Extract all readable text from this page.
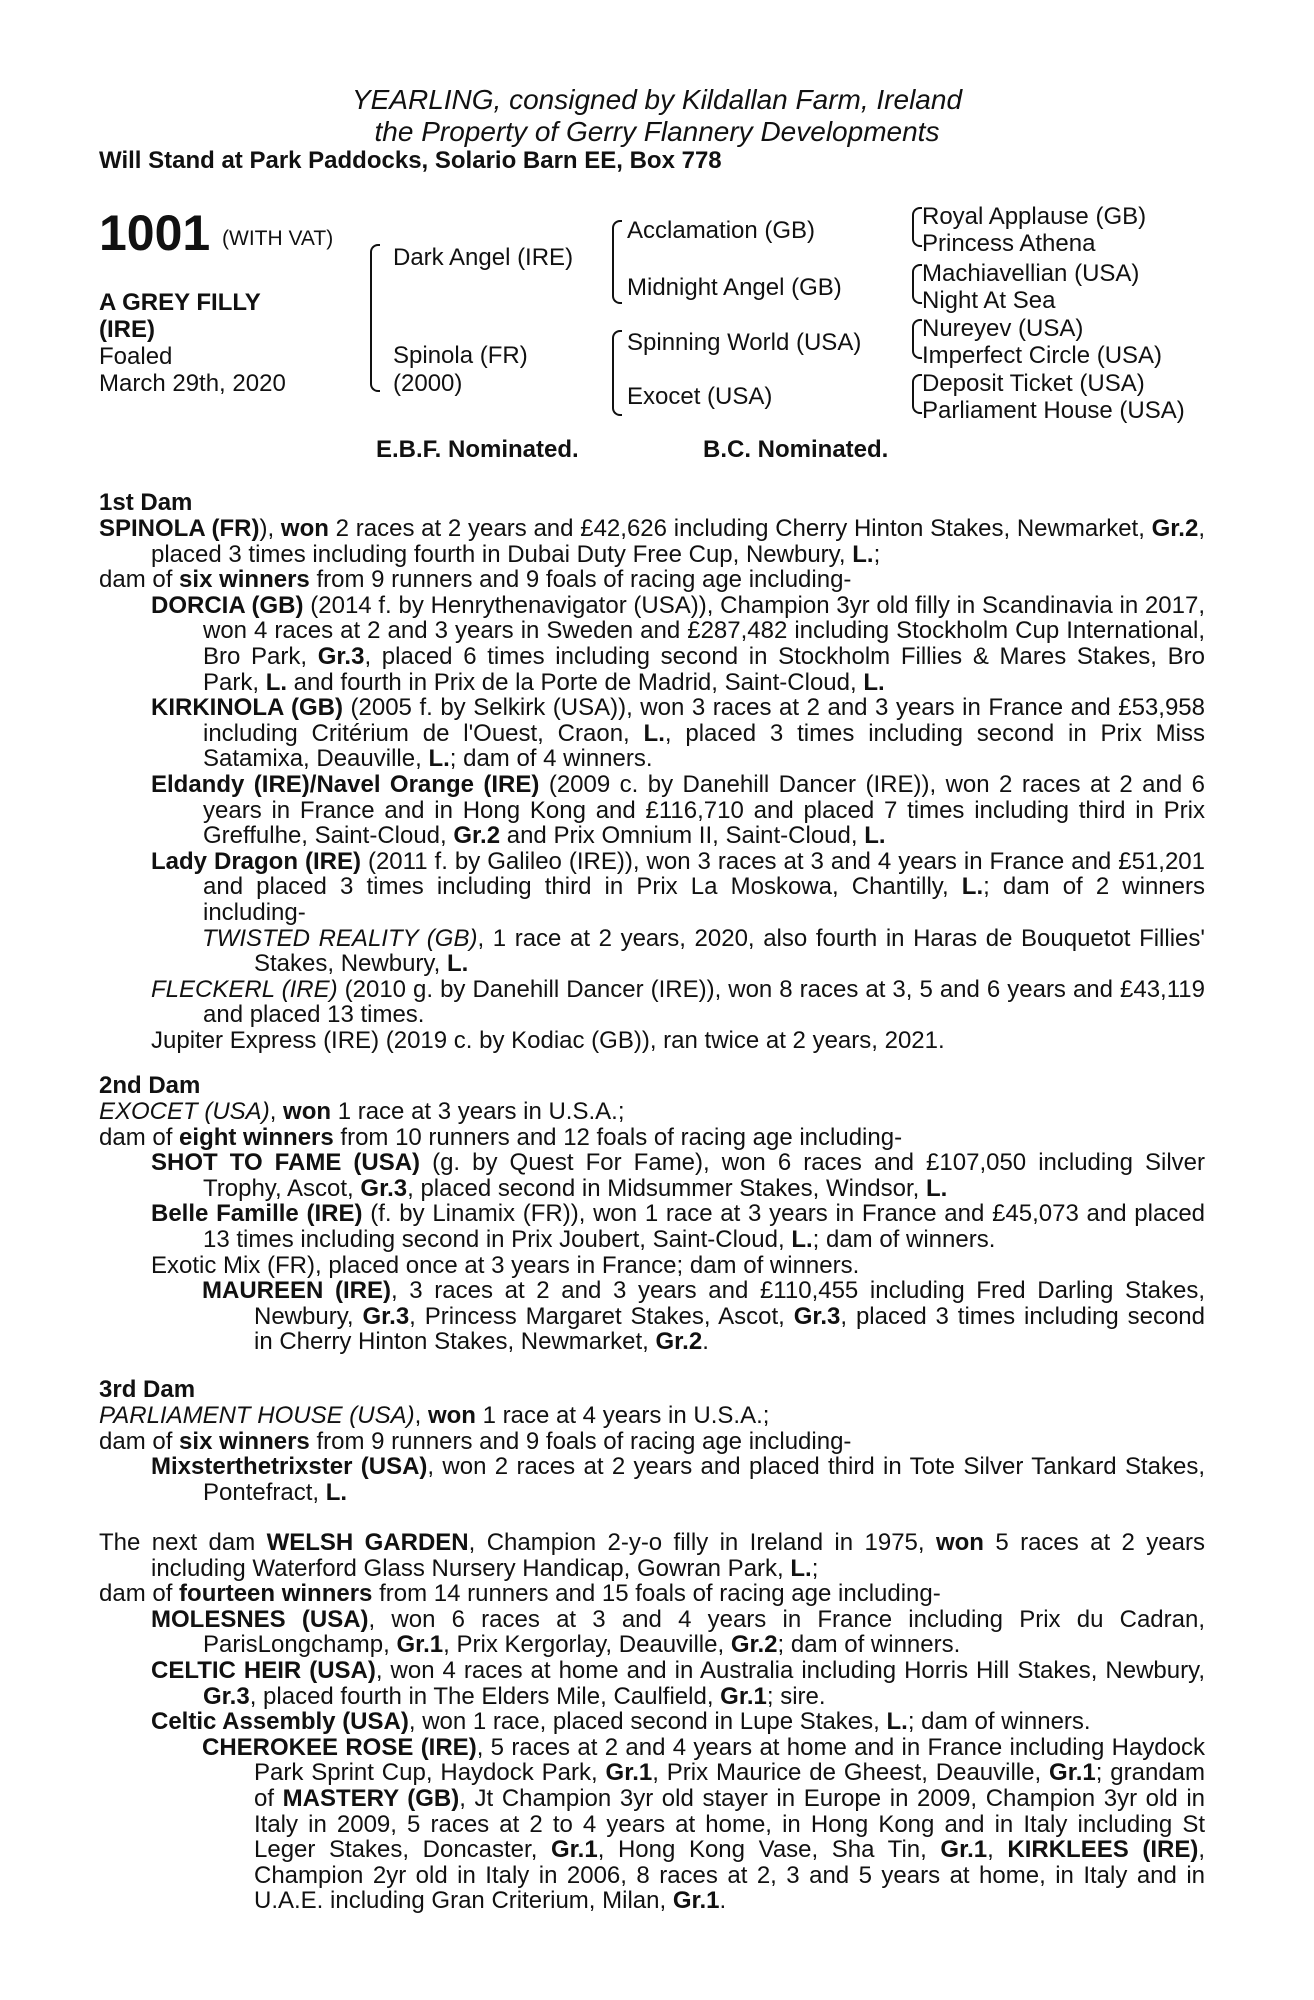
YEARLING, consigned by Kildallan Farm, Ireland
the Property of Gerry Flannery Developments
Will Stand at Park Paddocks, Solario Barn EE, Box 778
1001 (WITH VAT)
A GREY FILLY
(IRE)
Foaled
March 29th, 2020
Dark Angel (IRE)
Spinola (FR)
(2000)
Acclamation (GB)
Midnight Angel (GB)
Spinning World (USA)
Exocet (USA)
Royal Applause (GB)
Princess Athena
Machiavellian (USA)
Night At Sea
Nureyev (USA)
Imperfect Circle (USA)
Deposit Ticket (USA)
Parliament House (USA)
E.B.F. Nominated.	B.C. Nominated.
1st Dam
SPINOLA (FR)), won 2 races at 2 years and £42,626 including Cherry Hinton Stakes, Newmarket, Gr.2, placed 3 times including fourth in Dubai Duty Free Cup, Newbury, L.;
dam of six winners from 9 runners and 9 foals of racing age including-
DORCIA (GB) (2014 f. by Henrythenavigator (USA)), Champion 3yr old filly in Scandinavia in 2017, won 4 races at 2 and 3 years in Sweden and £287,482 including Stockholm Cup International, Bro Park, Gr.3, placed 6 times including second in Stockholm Fillies & Mares Stakes, Bro Park, L. and fourth in Prix de la Porte de Madrid, Saint-Cloud, L.
KIRKINOLA (GB) (2005 f. by Selkirk (USA)), won 3 races at 2 and 3 years in France and £53,958 including Critérium de l'Ouest, Craon, L., placed 3 times including second in Prix Miss Satamixa, Deauville, L.; dam of 4 winners.
Eldandy (IRE)/Navel Orange (IRE) (2009 c. by Danehill Dancer (IRE)), won 2 races at 2 and 6 years in France and in Hong Kong and £116,710 and placed 7 times including third in Prix Greffulhe, Saint-Cloud, Gr.2 and Prix Omnium II, Saint-Cloud, L.
Lady Dragon (IRE) (2011 f. by Galileo (IRE)), won 3 races at 3 and 4 years in France and £51,201 and placed 3 times including third in Prix La Moskowa, Chantilly, L.; dam of 2 winners including-
TWISTED REALITY (GB), 1 race at 2 years, 2020, also fourth in Haras de Bouquetot Fillies' Stakes, Newbury, L.
FLECKERL (IRE) (2010 g. by Danehill Dancer (IRE)), won 8 races at 3, 5 and 6 years and £43,119 and placed 13 times.
Jupiter Express (IRE) (2019 c. by Kodiac (GB)), ran twice at 2 years, 2021.
2nd Dam
EXOCET (USA), won 1 race at 3 years in U.S.A.;
dam of eight winners from 10 runners and 12 foals of racing age including-
SHOT TO FAME (USA) (g. by Quest For Fame), won 6 races and £107,050 including Silver Trophy, Ascot, Gr.3, placed second in Midsummer Stakes, Windsor, L.
Belle Famille (IRE) (f. by Linamix (FR)), won 1 race at 3 years in France and £45,073 and placed 13 times including second in Prix Joubert, Saint-Cloud, L.; dam of winners.
Exotic Mix (FR), placed once at 3 years in France; dam of winners.
MAUREEN (IRE), 3 races at 2 and 3 years and £110,455 including Fred Darling Stakes, Newbury, Gr.3, Princess Margaret Stakes, Ascot, Gr.3, placed 3 times including second in Cherry Hinton Stakes, Newmarket, Gr.2.
3rd Dam
PARLIAMENT HOUSE (USA), won 1 race at 4 years in U.S.A.;
dam of six winners from 9 runners and 9 foals of racing age including-
Mixsterthetrixster (USA), won 2 races at 2 years and placed third in Tote Silver Tankard Stakes, Pontefract, L.
The next dam WELSH GARDEN, Champion 2-y-o filly in Ireland in 1975, won 5 races at 2 years including Waterford Glass Nursery Handicap, Gowran Park, L.;
dam of fourteen winners from 14 runners and 15 foals of racing age including-
MOLESNES (USA), won 6 races at 3 and 4 years in France including Prix du Cadran, ParisLongchamp, Gr.1, Prix Kergorlay, Deauville, Gr.2; dam of winners.
CELTIC HEIR (USA), won 4 races at home and in Australia including Horris Hill Stakes, Newbury, Gr.3, placed fourth in The Elders Mile, Caulfield, Gr.1; sire.
Celtic Assembly (USA), won 1 race, placed second in Lupe Stakes, L.; dam of winners.
CHEROKEE ROSE (IRE), 5 races at 2 and 4 years at home and in France including Haydock Park Sprint Cup, Haydock Park, Gr.1, Prix Maurice de Gheest, Deauville, Gr.1; grandam of MASTERY (GB), Jt Champion 3yr old stayer in Europe in 2009, Champion 3yr old in Italy in 2009, 5 races at 2 to 4 years at home, in Hong Kong and in Italy including St Leger Stakes, Doncaster, Gr.1, Hong Kong Vase, Sha Tin, Gr.1, KIRKLEES (IRE), Champion 2yr old in Italy in 2006, 8 races at 2, 3 and 5 years at home, in Italy and in U.A.E. including Gran Criterium, Milan, Gr.1.
